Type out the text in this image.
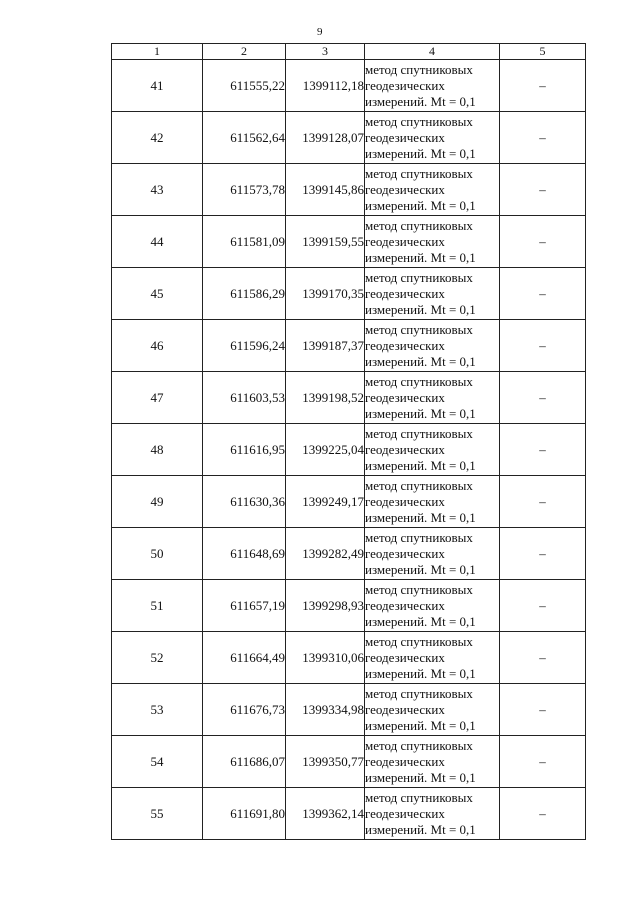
9
1	2	3	4	5
41	611555,22	1399112,18	метод спутниковых
геодезических
измерений. Mt = 0,1	–
42	611562,64	1399128,07	метод спутниковых
геодезических
измерений. Mt = 0,1	–
43	611573,78	1399145,86	метод спутниковых
геодезических
измерений. Mt = 0,1	–
44	611581,09	1399159,55	метод спутниковых
геодезических
измерений. Mt = 0,1	–
45	611586,29	1399170,35	метод спутниковых
геодезических
измерений. Mt = 0,1	–
46	611596,24	1399187,37	метод спутниковых
геодезических
измерений. Mt = 0,1	–
47	611603,53	1399198,52	метод спутниковых
геодезических
измерений. Mt = 0,1	–
48	611616,95	1399225,04	метод спутниковых
геодезических
измерений. Mt = 0,1	–
49	611630,36	1399249,17	метод спутниковых
геодезических
измерений. Mt = 0,1	–
50	611648,69	1399282,49	метод спутниковых
геодезических
измерений. Mt = 0,1	–
51	611657,19	1399298,93	метод спутниковых
геодезических
измерений. Mt = 0,1	–
52	611664,49	1399310,06	метод спутниковых
геодезических
измерений. Mt = 0,1	–
53	611676,73	1399334,98	метод спутниковых
геодезических
измерений. Mt = 0,1	–
54	611686,07	1399350,77	метод спутниковых
геодезических
измерений. Mt = 0,1	–
55	611691,80	1399362,14	метод спутниковых
геодезических
измерений. Mt = 0,1	–
